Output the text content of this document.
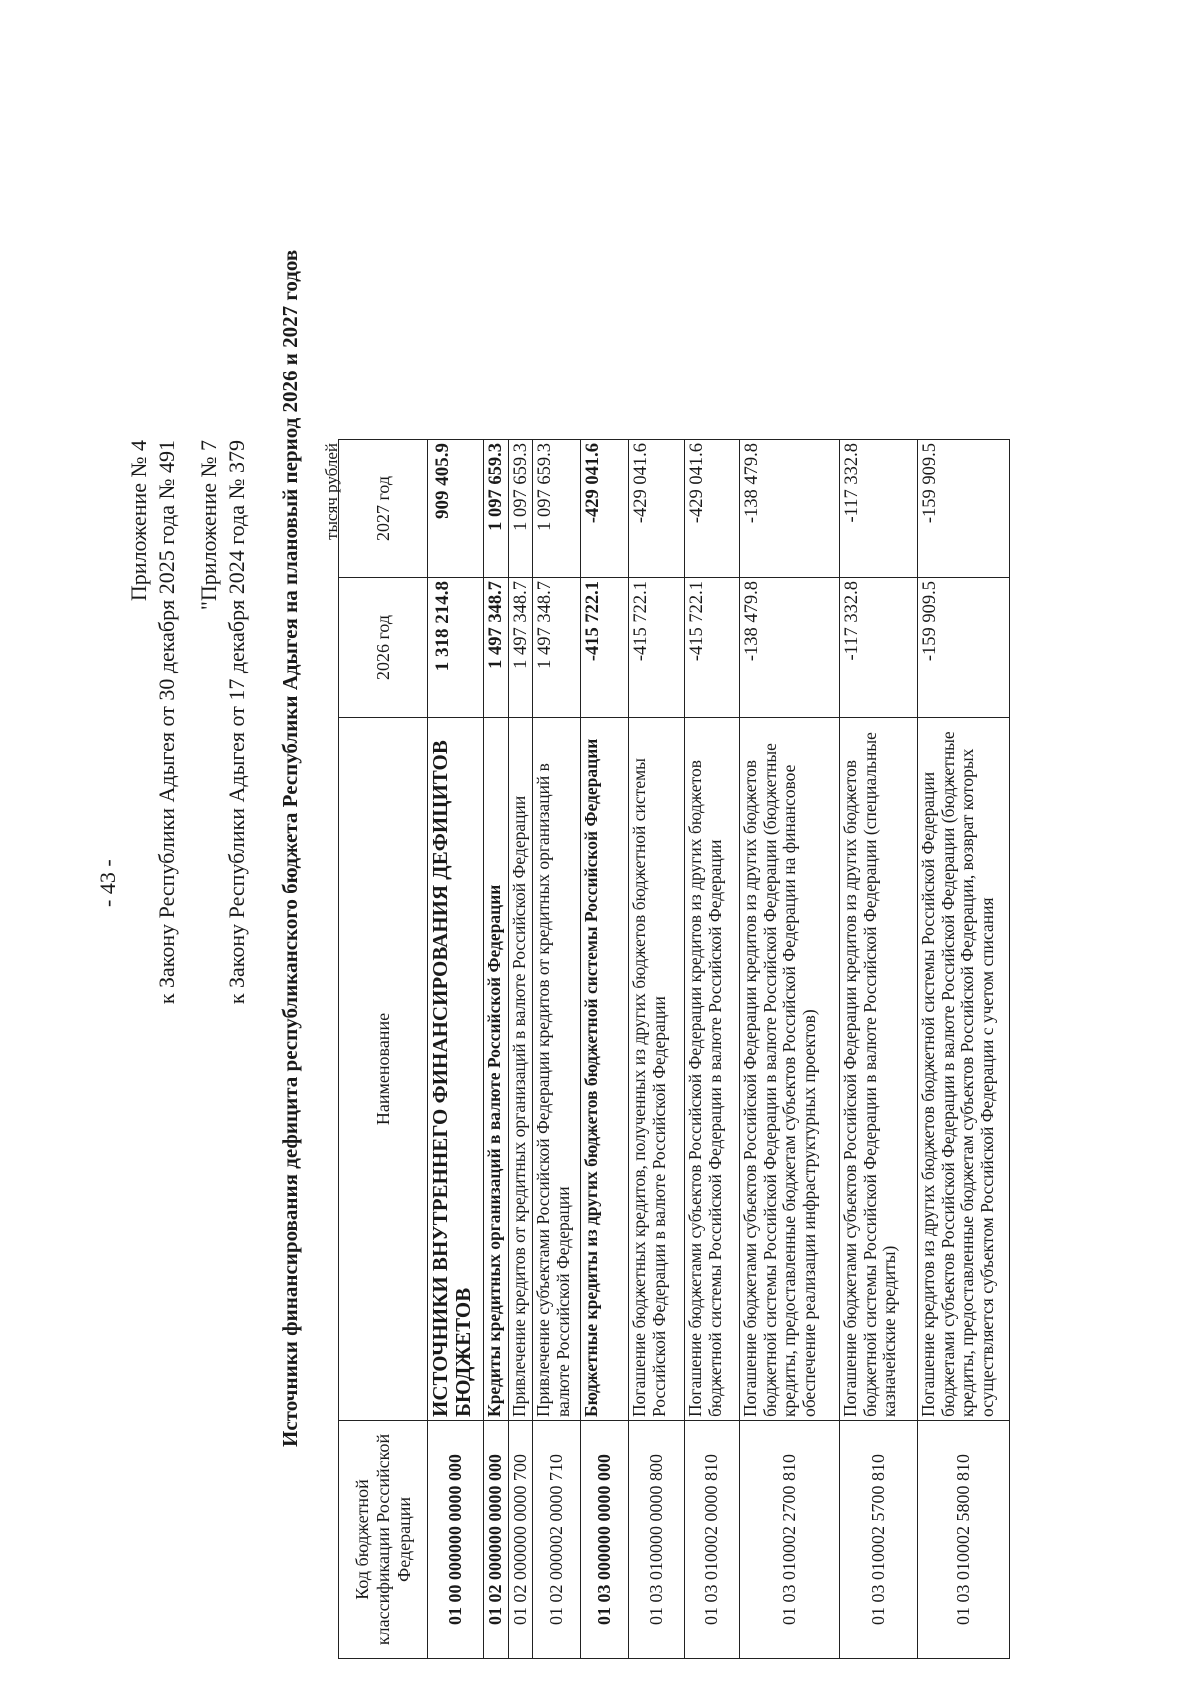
- 43 -
Приложение № 4 к Закону Республики Адыгея от 30 декабря 2025 года № 491 "Приложение № 7 к Закону Республики Адыгея от 17 декабря 2024 года № 379 Источники финансирования дефицита республиканского бюджета Республики Адыгея на плановый период 2026 и 2027 годов тысяч рублей
Код бюджетной классификации Российской Федерации	Наименование	2026 год	2027 год
01 00 000000 0000 000	ИСТОЧНИКИ ВНУТРЕННЕГО ФИНАНСИРОВАНИЯ ДЕФИЦИТОВ БЮДЖЕТОВ	1 318 214.8	909 405.9
01 02 000000 0000 000	Кредиты кредитных организаций в валюте Российской Федерации	1 497 348.7	1 097 659.3
01 02 000000 0000 700	Привлечение кредитов от кредитных организаций в валюте Российской Федерации	1 497 348.7	1 097 659.3
01 02 000002 0000 710	Привлечение субъектами Российской Федерации кредитов от кредитных организаций в валюте Российской Федерации	1 497 348.7	1 097 659.3
01 03 000000 0000 000	Бюджетные кредиты из других бюджетов бюджетной системы Российской Федерации	-415 722.1	-429 041.6
01 03 010000 0000 800	Погашение бюджетных кредитов, полученных из других бюджетов бюджетной системы Российской Федерации в валюте Российской Федерации	-415 722.1	-429 041.6
01 03 010002 0000 810	Погашение бюджетами субъектов Российской Федерации кредитов из других бюджетов бюджетной системы Российской Федерации в валюте Российской Федерации	-415 722.1	-429 041.6
01 03 010002 2700 810	Погашение бюджетами субъектов Российской Федерации кредитов из других бюджетов бюджетной системы Российской Федерации в валюте Российской Федерации (бюджетные кредиты, предоставленные бюджетам субъектов Российской Федерации на финансовое обеспечение реализации инфраструктурных проектов)	-138 479.8	-138 479.8
01 03 010002 5700 810	Погашение бюджетами субъектов Российской Федерации кредитов из других бюджетов бюджетной системы Российской Федерации в валюте Российской Федерации (специальные казначейские кредиты)	-117 332.8	-117 332.8
01 03 010002 5800 810	Погашение кредитов из других бюджетов бюджетной системы Российской Федерации бюджетами субъектов Российской Федерации в валюте Российской Федерации (бюджетные кредиты, предоставленные бюджетам субъектов Российской Федерации, возврат которых осуществляется субъектом Российской Федерации с учетом списания	-159 909.5	-159 909.5
